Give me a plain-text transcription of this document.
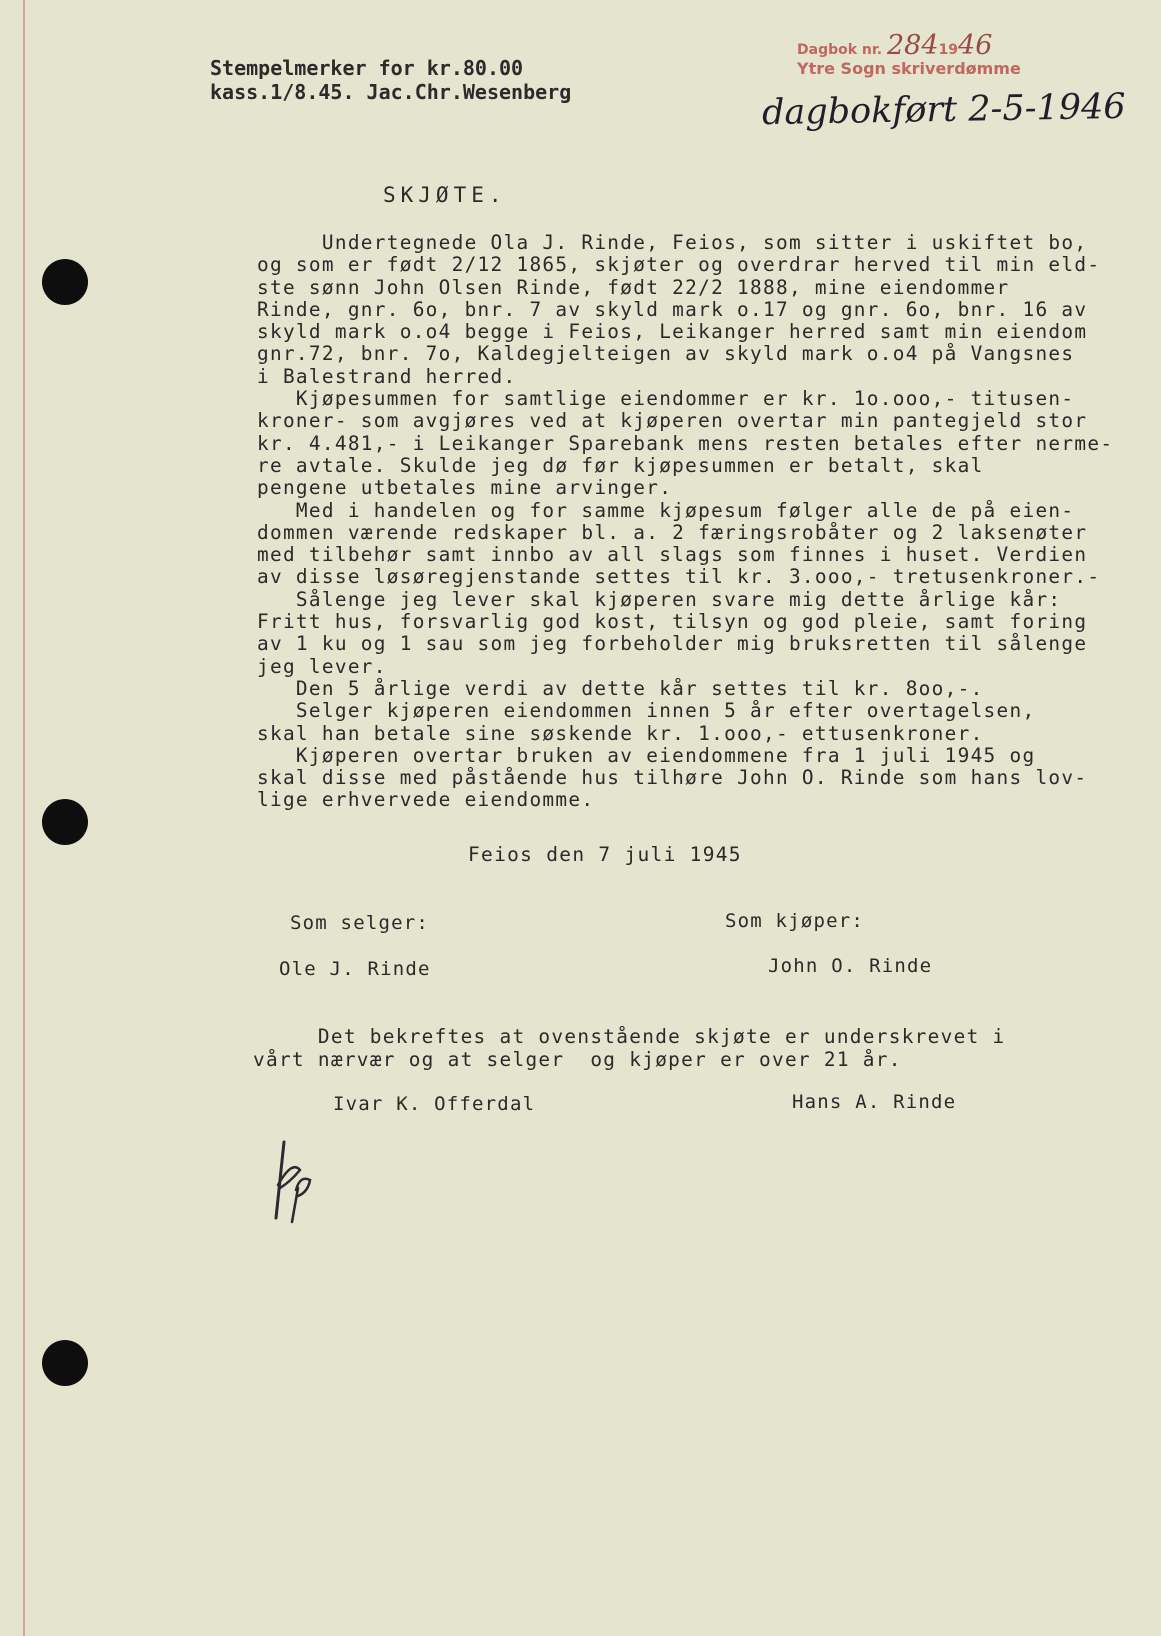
Stempelmerker for kr.80.00
kass.1/8.45. Jac.Chr.Wesenberg
Dagbok nr. 2841946
Ytre Sogn skriverdømme
dagbokført 2-5-1946
SKJØTE.
Undertegnede Ola J. Rinde, Feios, som sitter i uskiftet bo,
og som er født 2/12 1865, skjøter og overdrar herved til min eld-
ste sønn John Olsen Rinde, født 22/2 1888, mine eiendommer
Rinde, gnr. 6o, bnr. 7 av skyld mark o.17 og gnr. 6o, bnr. 16 av
skyld mark o.o4 begge i Feios, Leikanger herred samt min eiendom
gnr.72, bnr. 7o, Kaldegjelteigen av skyld mark o.o4 på Vangsnes
i Balestrand herred.
Kjøpesummen for samtlige eiendommer er kr. 1o.ooo,- titusen-
kroner- som avgjøres ved at kjøperen overtar min pantegjeld stor
kr. 4.481,- i Leikanger Sparebank mens resten betales efter nerme-
re avtale. Skulde jeg dø før kjøpesummen er betalt, skal
pengene utbetales mine arvinger.
Med i handelen og for samme kjøpesum følger alle de på eien-
dommen værende redskaper bl. a. 2 færingsrobåter og 2 laksenøter
med tilbehør samt innbo av all slags som finnes i huset. Verdien
av disse løsøregjenstande settes til kr. 3.ooo,- tretusenkroner.-
Sålenge jeg lever skal kjøperen svare mig dette årlige kår:
Fritt hus, forsvarlig god kost, tilsyn og god pleie, samt foring
av 1 ku og 1 sau som jeg forbeholder mig bruksretten til sålenge
jeg lever.
Den 5 årlige verdi av dette kår settes til kr. 8oo,-.
Selger kjøperen eiendommen innen 5 år efter overtagelsen,
skal han betale sine søskende kr. 1.ooo,- ettusenkroner.
Kjøperen overtar bruken av eiendommene fra 1 juli 1945 og
skal disse med påstående hus tilhøre John O. Rinde som hans lov-
lige erhvervede eiendomme.
Feios den 7 juli 1945
Som selger:	Som kjøper:
Ole J. Rinde	John O. Rinde
Det bekreftes at ovenstående skjøte er underskrevet i
vårt nærvær og at selger  og kjøper er over 21 år.
Ivar K. Offerdal	Hans A. Rinde
